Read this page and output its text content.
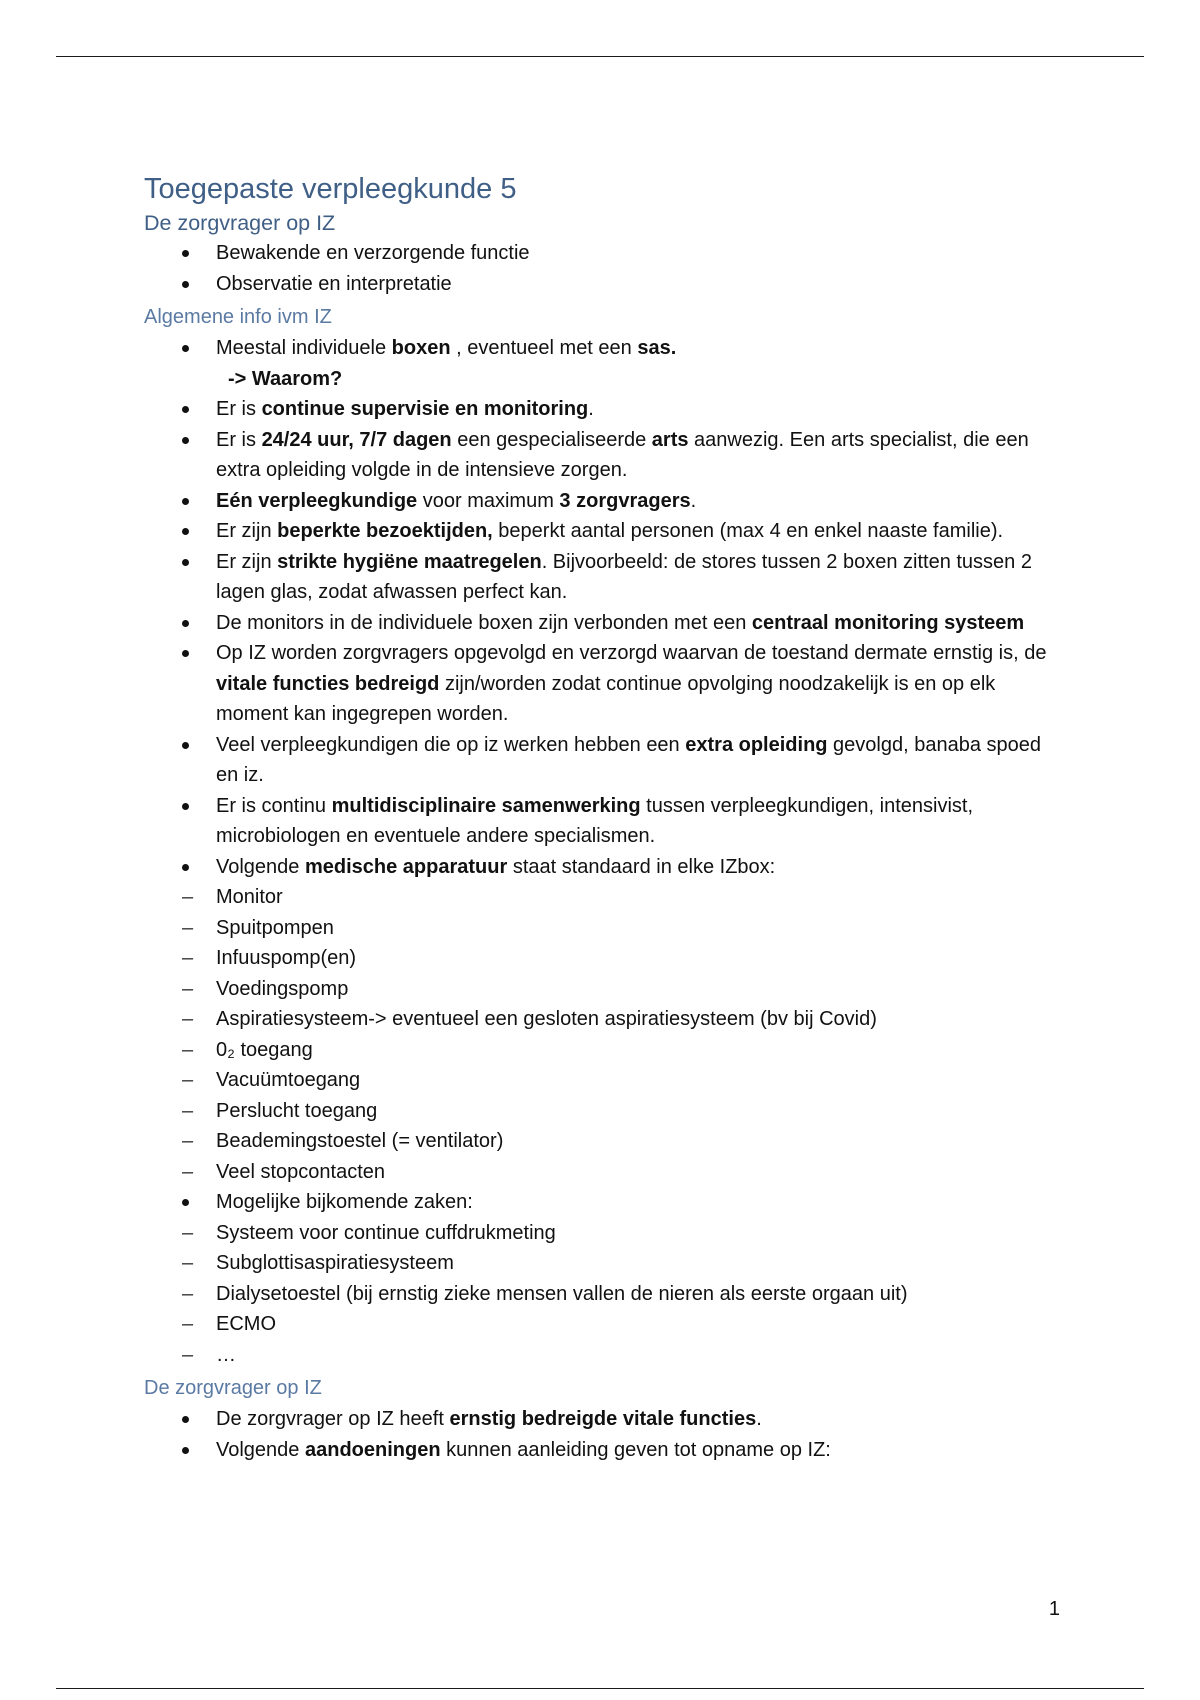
Toegepaste verpleegkunde 5
De zorgvrager op IZ
Bewakende en verzorgende functie
Observatie en interpretatie
Algemene info ivm IZ
Meestal individuele boxen , eventueel met een sas.
-> Waarom?
Er is continue supervisie en monitoring.
Er is 24/24 uur, 7/7 dagen een gespecialiseerde arts aanwezig. Een arts specialist, die een extra opleiding volgde in de intensieve zorgen.
Eén verpleegkundige voor maximum 3 zorgvragers.
Er zijn beperkte bezoektijden, beperkt aantal personen (max 4 en enkel naaste familie).
Er zijn strikte hygiëne maatregelen. Bijvoorbeeld: de stores tussen 2 boxen zitten tussen 2 lagen glas, zodat afwassen perfect kan.
De monitors in de individuele boxen zijn verbonden met een centraal monitoring systeem
Op IZ worden zorgvragers opgevolgd en verzorgd waarvan de toestand dermate ernstig is, de vitale functies bedreigd zijn/worden zodat continue opvolging noodzakelijk is en op elk moment kan ingegrepen worden.
Veel verpleegkundigen die op iz werken hebben een extra opleiding gevolgd, banaba spoed en iz.
Er is continu multidisciplinaire samenwerking tussen verpleegkundigen, intensivist, microbiologen en eventuele andere specialismen.
Volgende medische apparatuur staat standaard in elke IZbox:
– Monitor
– Spuitpompen
– Infuuspomp(en)
– Voedingspomp
– Aspiratiesysteem-> eventueel een gesloten aspiratiesysteem (bv bij Covid)
– 0₂ toegang
– Vacuümtoegang
– Perslucht toegang
– Beademingstoestel (= ventilator)
– Veel stopcontacten
Mogelijke bijkomende zaken:
– Systeem voor continue cuffdrukmeting
– Subglottisaspiratiesysteem
– Dialysetoestel (bij ernstig zieke mensen vallen de nieren als eerste orgaan uit)
– ECMO
– …
De zorgvrager op IZ
De zorgvrager op IZ heeft ernstig bedreigde vitale functies.
Volgende aandoeningen kunnen aanleiding geven tot opname op IZ:
1
